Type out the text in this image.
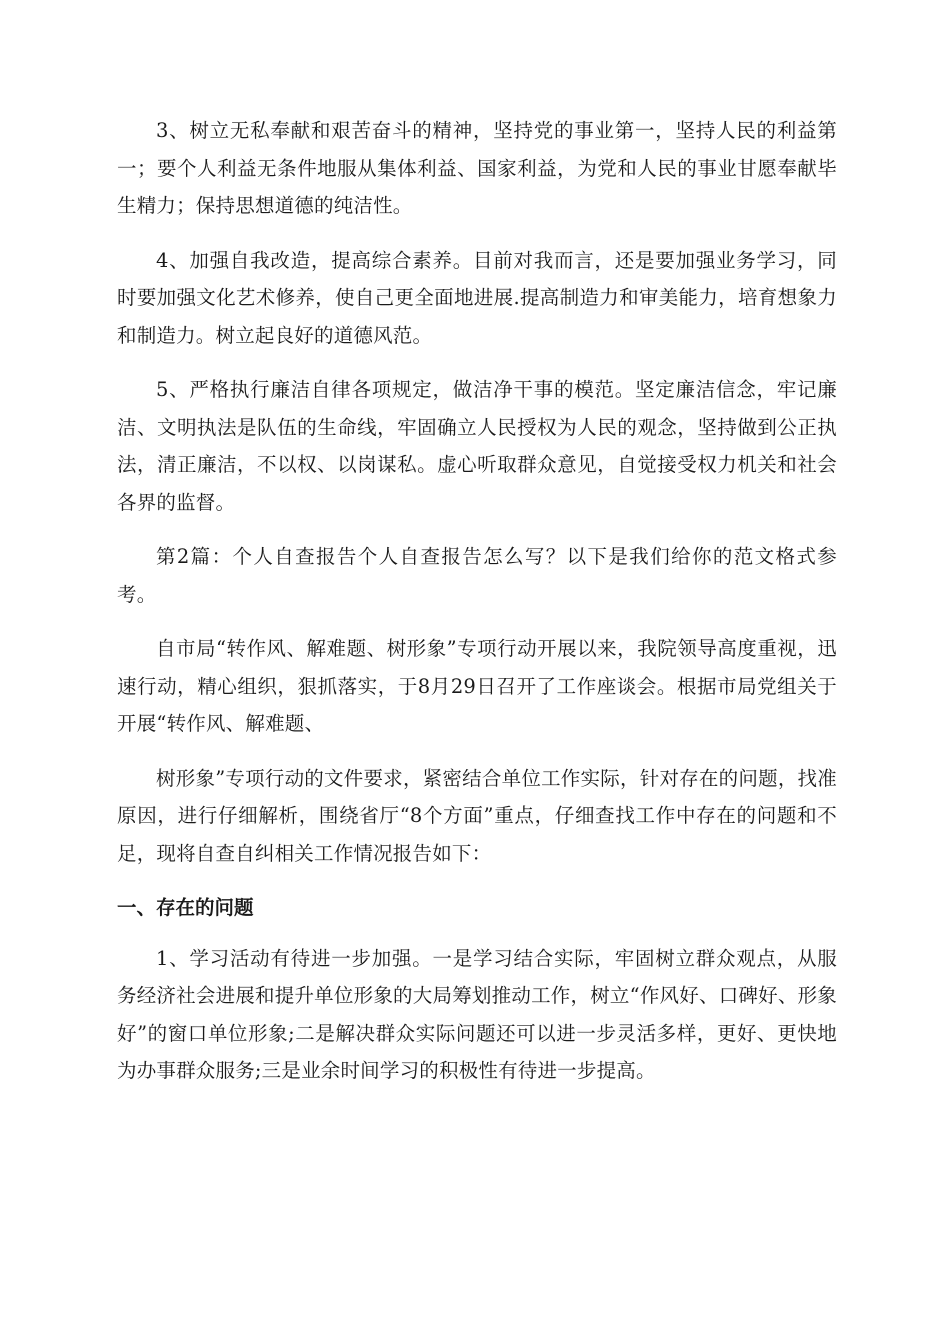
3、树立无私奉献和艰苦奋斗的精神，坚持党的事业第一，坚持人民的利益第一；要个人利益无条件地服从集体利益、国家利益，为党和人民的事业甘愿奉献毕生精力；保持思想道德的纯洁性。

4、加强自我改造，提高综合素养。目前对我而言，还是要加强业务学习，同时要加强文化艺术修养，使自己更全面地进展.提高制造力和审美能力，培育想象力和制造力。树立起良好的道德风范。

5、严格执行廉洁自律各项规定，做洁净干事的模范。坚定廉洁信念，牢记廉洁、文明执法是队伍的生命线，牢固确立人民授权为人民的观念，坚持做到公正执法，清正廉洁，不以权、以岗谋私。虚心听取群众意见，自觉接受权力机关和社会各界的监督。

第2篇：个人自查报告个人自查报告怎么写？以下是我们给你的范文格式参考。

自市局“转作风、解难题、树形象”专项行动开展以来，我院领导高度重视，迅速行动，精心组织，狠抓落实，于8月29日召开了工作座谈会。根据市局党组关于开展“转作风、解难题、

树形象”专项行动的文件要求，紧密结合单位工作实际，针对存在的问题，找准原因，进行仔细解析，围绕省厅“8个方面”重点，仔细查找工作中存在的问题和不足，现将自查自纠相关工作情况报告如下：

一、存在的问题

1、学习活动有待进一步加强。一是学习结合实际，牢固树立群众观点，从服务经济社会进展和提升单位形象的大局筹划推动工作，树立“作风好、口碑好、形象好”的窗口单位形象;二是解决群众实际问题还可以进一步灵活多样，更好、更快地为办事群众服务;三是业余时间学习的积极性有待进一步提高。
